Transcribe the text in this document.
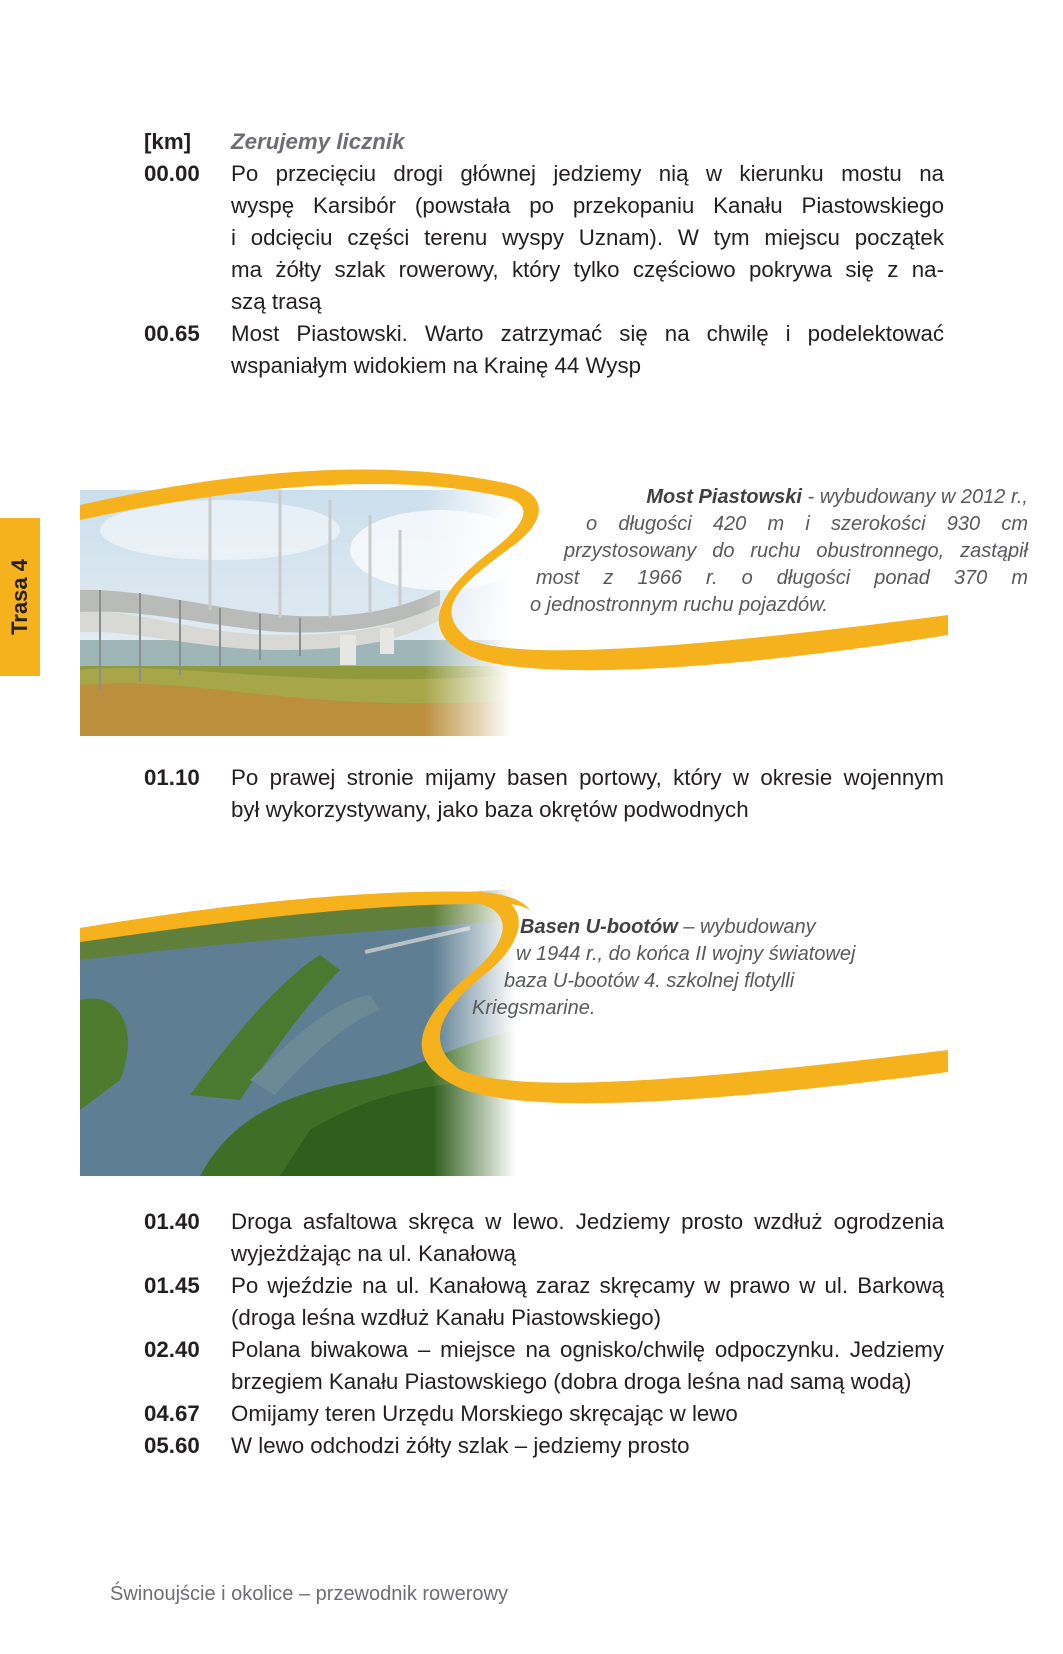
Trasa 4
[km]	Zerujemy licznik
00.00	Po przecięciu drogi głównej jedziemy nią w kierunku mostu na
wyspę Karsibór (powstała po przekopaniu Kanału Piastowskiego
i odcięciu części terenu wyspy Uznam). W tym miejscu początek
ma żółty szlak rowerowy, który tylko częściowo pokrywa się z na-
szą trasą
00.65	Most Piastowski. Warto zatrzymać się na chwilę i podelektować
wspaniałym widokiem na Krainę 44 Wysp
Most Piastowski - wybudowany w 2012 r.,
o długości 420 m i szerokości 930 cm
przystosowany do ruchu obustronnego, zastąpił
most z 1966 r. o długości ponad 370 m
o jednostronnym ruchu pojazdów.
01.10	Po prawej stronie mijamy basen portowy, który w okresie wojennym
był wykorzystywany, jako baza okrętów podwodnych
Basen U-bootów – wybudowany
w 1944 r., do końca II wojny światowej
baza U-bootów 4. szkolnej flotylli
Kriegsmarine.
01.40	Droga asfaltowa skręca w lewo. Jedziemy prosto wzdłuż ogrodzenia
wyjeżdżając na ul. Kanałową
01.45	Po wjeździe na ul. Kanałową zaraz skręcamy w prawo w ul. Barkową
(droga leśna wzdłuż Kanału Piastowskiego)
02.40	Polana biwakowa – miejsce na ognisko/chwilę odpoczynku. Jedziemy
brzegiem Kanału Piastowskiego (dobra droga leśna nad samą wodą)
04.67	Omijamy teren Urzędu Morskiego skręcając w lewo
05.60	W lewo odchodzi żółty szlak – jedziemy prosto
Świnoujście i okolice – przewodnik rowerowy
